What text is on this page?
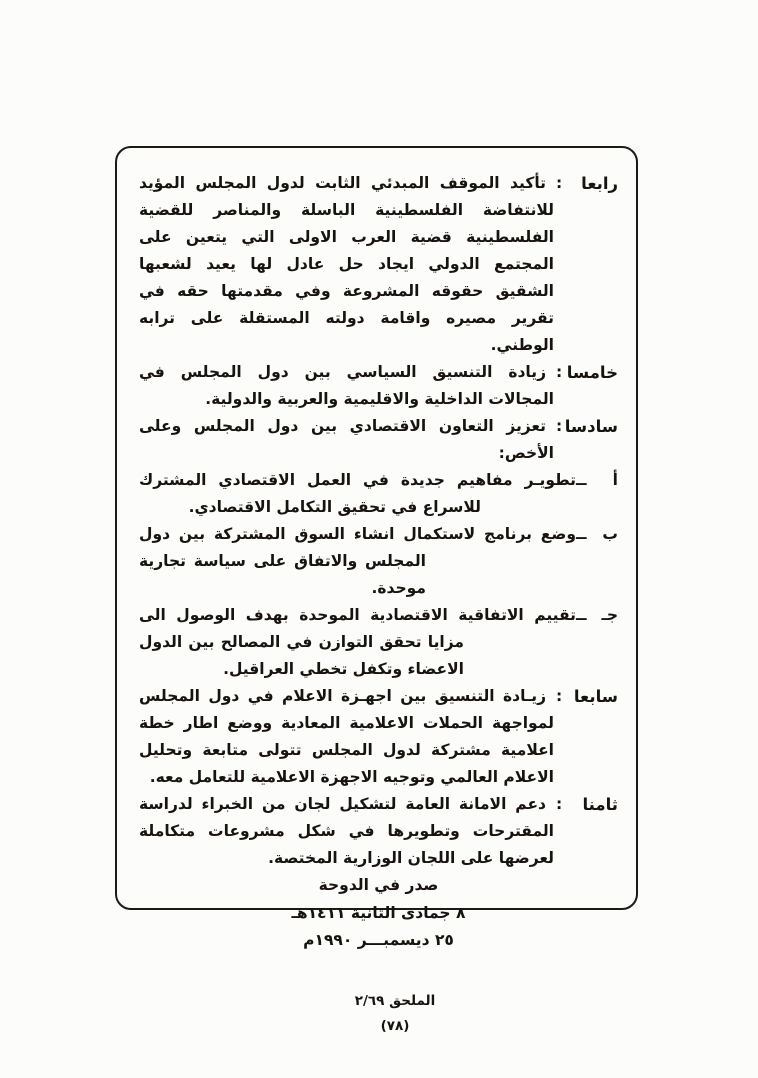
رابعا
:
تأكيد الموقف المبدئي الثابت لدول المجلس المؤيد للانتفاضة الفلسطينية الباسلة والمناصر للقضية الفلسطينية قضية العرب الاولى التي يتعين على المجتمع الدولي ايجاد حل عادل لها يعيد لشعبها الشقيق حقوقه المشروعة وفي مقدمتها حقه في تقرير مصيره واقامة دولته المستقلة على ترابه الوطني.
خامسا
:
زيادة التنسيق السياسي بين دول المجلس في المجالات الداخلية والاقليمية والعربية والدولية.
سادسا
:
تعزيز التعاون الاقتصادي بين دول المجلس وعلى الأخص:
أ
ــ
تطويـر مفاهيم جديدة في العمل الاقتصادي المشترك للاسراع في تحقيق التكامل الاقتصادي.
ب
ــ
وضع برنامج لاستكمال انشاء السوق المشتركة بين دول المجلس والاتفاق على سياسة تجارية موحدة.
جـ
ــ
تقييم الاتفاقية الاقتصادية الموحدة بهدف الوصول الى مزايا تحقق التوازن في المصالح بين الدول الاعضاء وتكفل تخطي العراقيل.
سابعا
:
زيـادة التنسيق بين اجهـزة الاعلام في دول المجلس لمواجهة الحملات الاعلامية المعادية ووضع اطار خطة اعلامية مشتركة لدول المجلس تتولى متابعة وتحليل الاعلام العالمي وتوجيه الاجهزة الاعلامية للتعامل معه.
ثامنا
:
دعم الامانة العامة لتشكيل لجان من الخبراء لدراسة المقترحات وتطويرها في شكل مشروعات متكاملة لعرضها على اللجان الوزارية المختصة.
صدر في الدوحة
٨ جمادى الثانية ١٤١١هـ
٢٥ ديسمبـــر ١٩٩٠م
الملحق ٢/٦٩
(٧٨)
